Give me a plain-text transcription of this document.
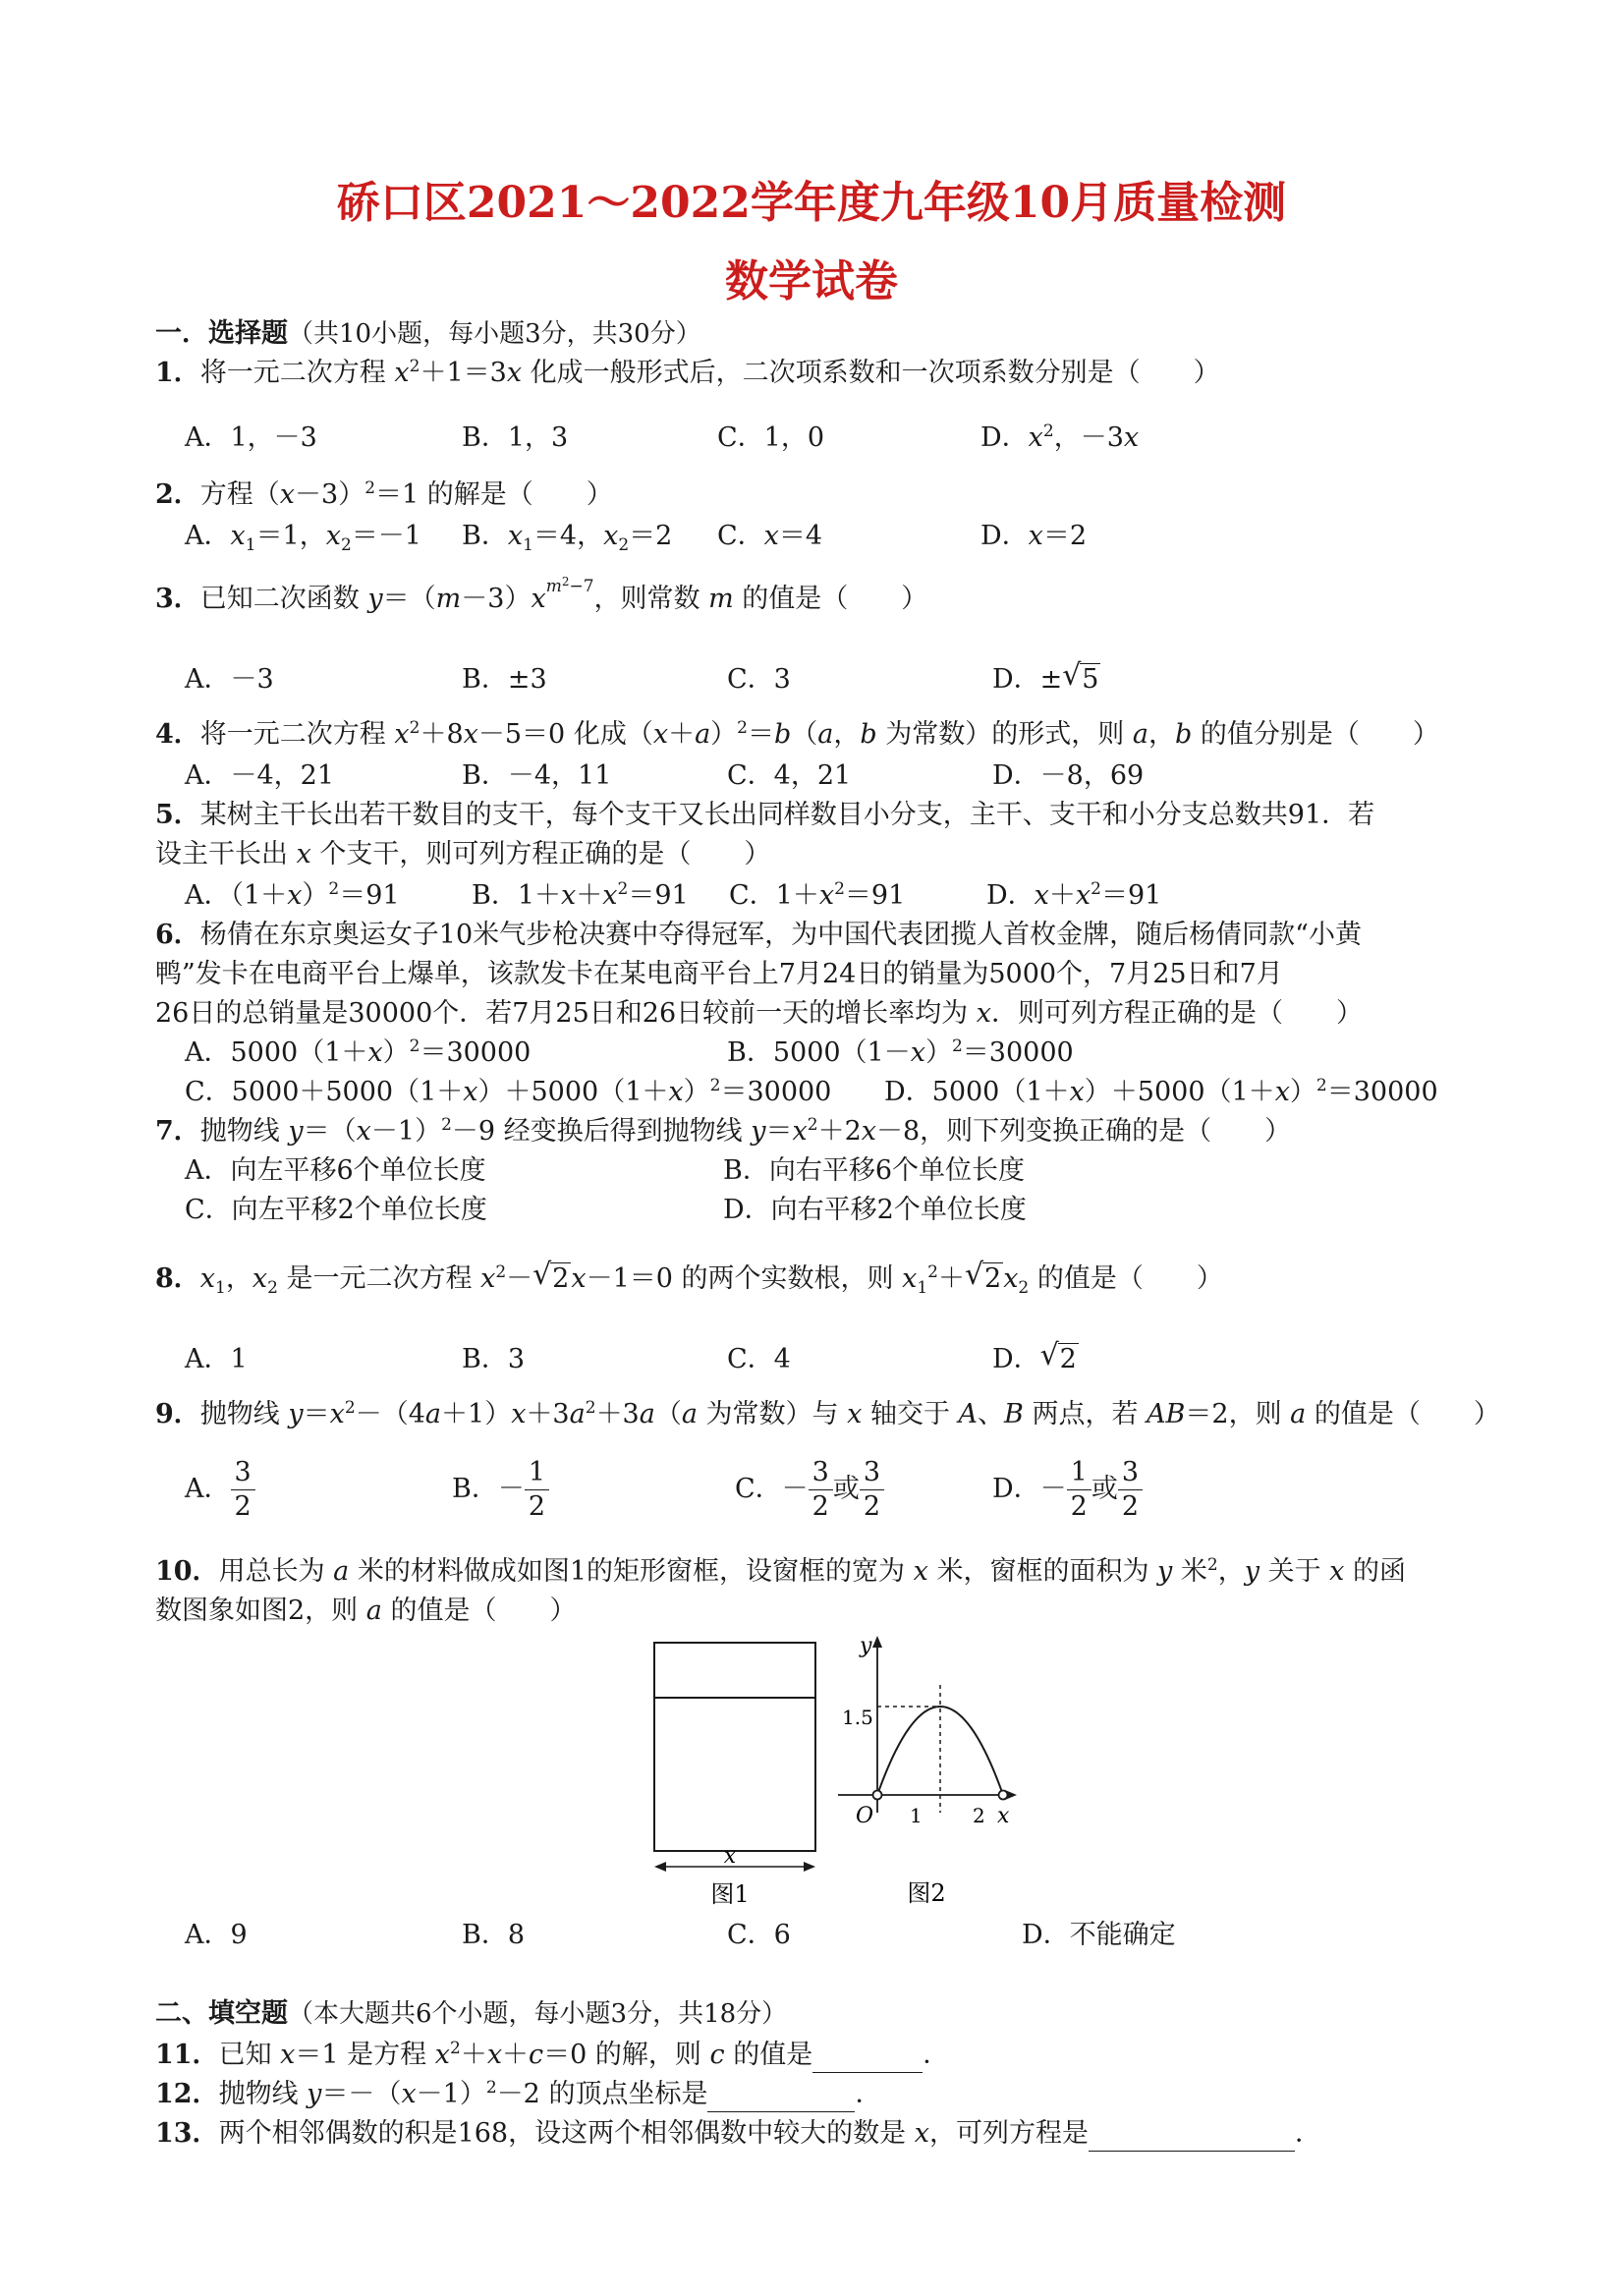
硚口区2021～2022学年度九年级10月质量检测
数学试卷
一．选择题（共10小题，每小题3分，共30分）
1．将一元二次方程 $x^2+1=3x$ 化成一般形式后，二次项系数和一次项系数分别是（　　）
A．1，－3	B．1，3	C．1，0	D．$x^2$，－3x
2．方程$(x-3)^2=1$ 的解是（　　）
A．$x_1=1$，$x_2=-1$ B．$x_1=4$，$x_2=2$ C．x＝4	D．x＝2
3．已知二次函数 $y=(m-3)x^{m^2-7}$，则常数 m 的值是（　　）
A．－3	B．±3	C．3	D．± √ 5
4．将一元二次方程 $x^2+8x-5=0$ 化成$(x+a)^2=b(a$，b 为常数）的形式，则 a，b 的值分别是（　　）
A．－4，21	B．－4，11	C．4，21	D．－8，69
5．某树主干长出若干数目的支干，每个支干又长出同样数目小分支，主干、支干和小分支总数共91．若
设主干长出 x 个支干，则可列方程正确的是（　　）
A．$(1+x)^2=91$	B．$1+x+x^2=91$ C．$1+x^2=91$	D．$x+x^2=91$
6．杨倩在东京奥运女子10米气步枪决赛中夺得冠军，为中国代表团揽人首枚金牌，随后杨倩同款“小黄
鸭”发卡在电商平台上爆单，该款发卡在某电商平台上7月24日的销量为5000个，7月25日和7月
26日的总销量是30000个．若7月25日和26日较前一天的增长率均为 x．则可列方程正确的是（　　）
A．$5000(1+x)^2=30000$	B．$5000(1-x)^2=30000$
C．$5000+5000(1+x)+5000(1+x)^2=30000$ D．$5000(1+x)+5000(1+x)^2=30000$
7．抛物线 $y=(x-1)^2-9$ 经变换后得到抛物线 $y=x^2+2x-8$，则下列变换正确的是（　　）
A．向左平移6个单位长度	B．向右平移6个单位长度
C．向左平移2个单位长度	D．向右平移2个单位长度
8．$x_1$，$x_2$ 是一元二次方程 $x^2-$ √ 2x－1＝0 的两个实数根，则 $x_1^2+$ √ $2x_2$ 的值是（　　）
A．1	B．3	C．4	D． √ 2
9．抛物线 $y=x^2-(4a+1)x+3a^2+3a(a$ 为常数）与 x 轴交于 A、B 两点，若 AB＝2，则 a 的值是（　　）
A． $\frac{3}{2}$	B．－ $\frac{1}{2}$	C．－ $\frac{3}{2}$ 或 $\frac{3}{2}$	D．－ $\frac{1}{2}$ 或 $\frac{3}{2}$
10．用总长为 a 米的材料做成如图1的矩形窗框，设窗框的宽为 x 米，窗框的面积为 y 米$^2$，y 关于 x 的函
数图象如图2，则 a 的值是（　　）
x
图1
y
x
O
1.5
1	2
图2
A．9	B．8	C．6	D．不能确定
二、填空题（本大题共6个小题，每小题3分，共18分）
11．已知 x＝1 是方程 $x^2+x+c=0$ 的解，则 c 的值是	．
12．抛物线 $y=-(x-1)^2-2$ 的顶点坐标是	．
13．两个相邻偶数的积是168，设这两个相邻偶数中较大的数是 x，可列方程是	．
